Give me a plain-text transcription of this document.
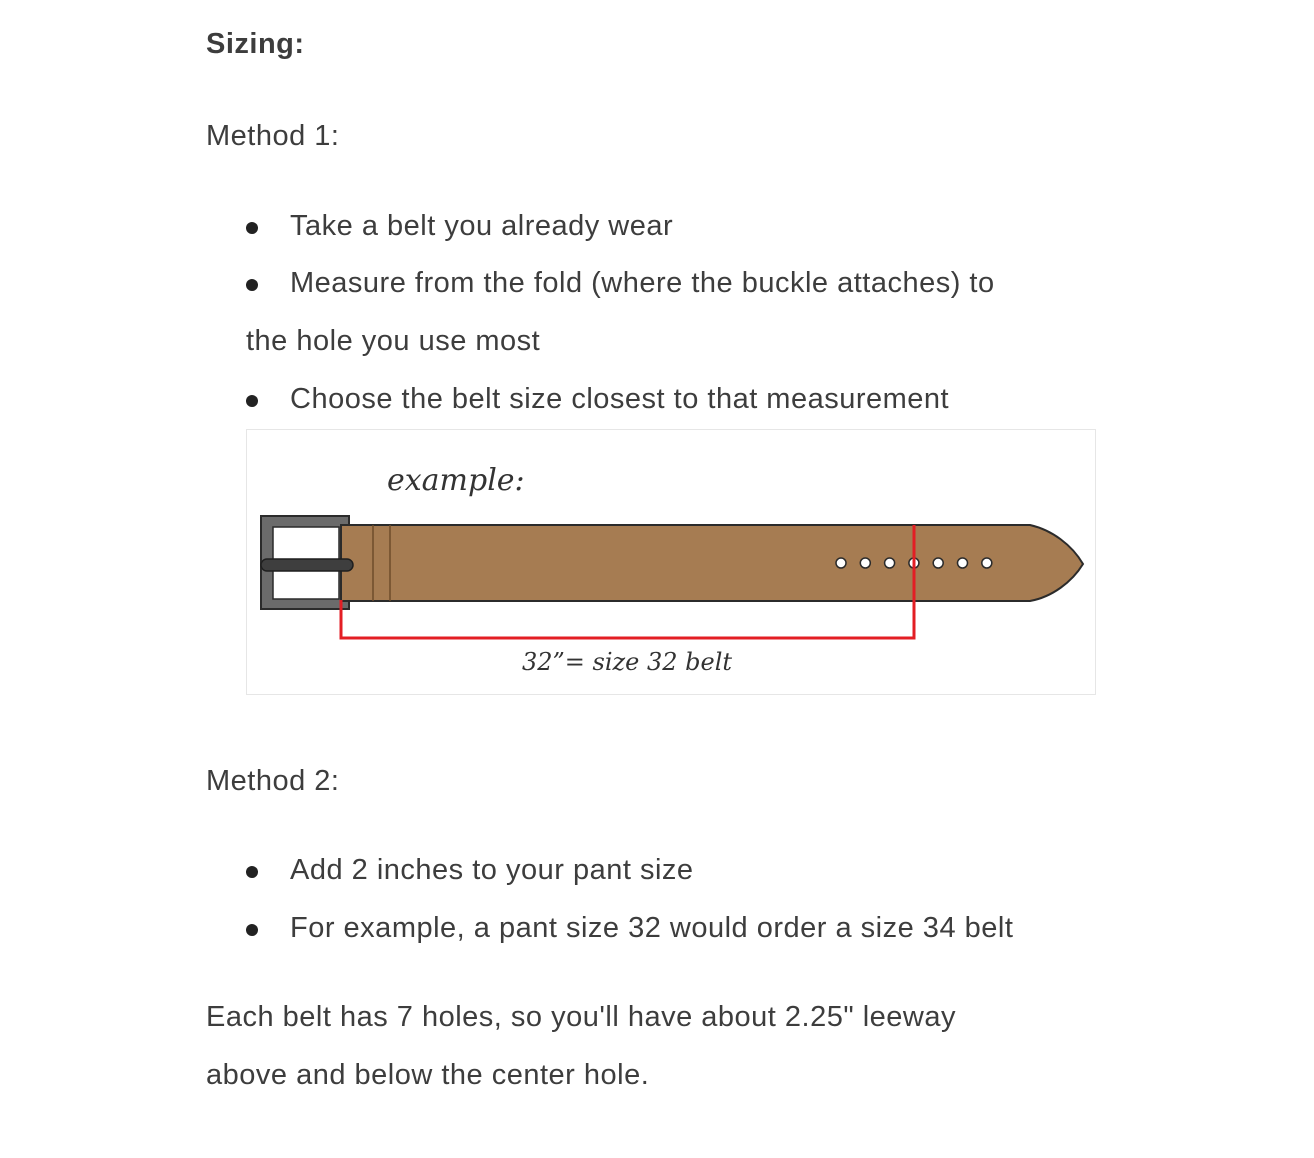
Sizing:
Method 1:
Take a belt you already wear
Measure from the fold (where the buckle attaches) to
the hole you use most
Choose the belt size closest to that measurement
example:
32”= size 32 belt
Method 2:
Add 2 inches to your pant size
For example, a pant size 32 would order a size 34 belt
Each belt has 7 holes, so you'll have about 2.25" leeway
above and below the center hole.
